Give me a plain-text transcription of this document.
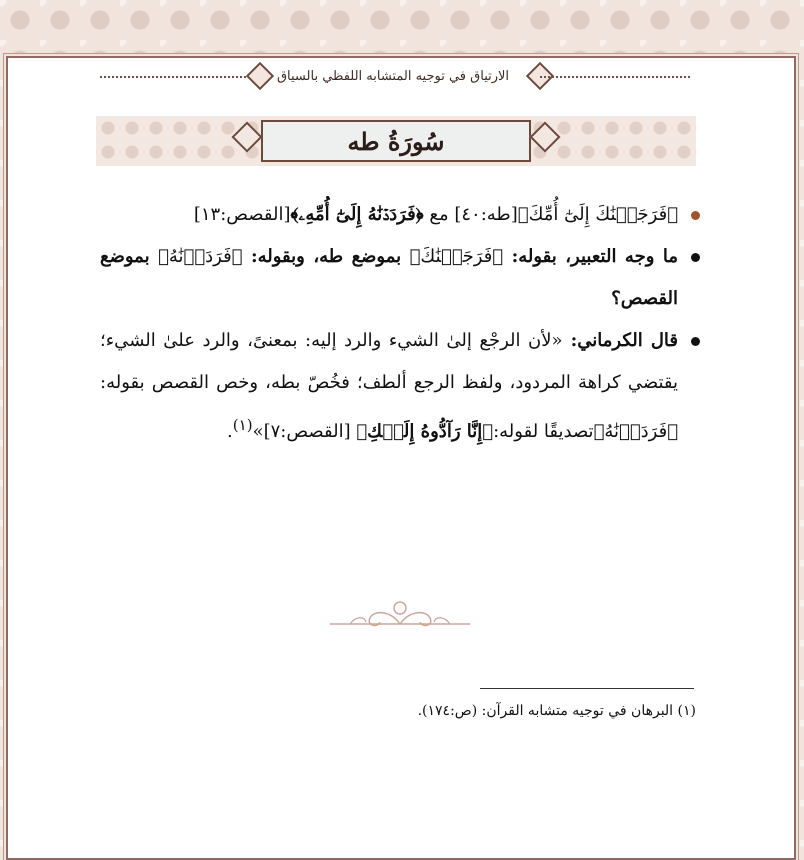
الارتياق في توجيه المتشابه اللفظي بالسياق
سُورَةُ طه

﴿فَرَجَعۡنَٰكَ إِلَىٰٓ أُمِّكَ﴾[طه:٤٠] مع ﴿فَرَدَدۡنَٰهُ إِلَىٰٓ أُمِّهِۦ﴾[القصص:١٣]

ما وجه التعبير، بقوله: ﴿فَرَجَعۡنَٰكَ﴾ بموضع طه، وبقوله: ﴿فَرَدَدۡنَٰهُ﴾ بموضع القصص؟

قال الكرماني: «لأن الرجْع إلىٰ الشيء والرد إليه: بمعنىً، والرد علىٰ الشيء؛ يقتضي كراهة المردود، ولفظ الرجع ألطف؛ فخُصّ بطه، وخص القصص بقوله:﴿فَرَدَدۡنَٰهُ﴾تصديقًا لقوله:﴿إِنَّا رَآدُّوهُ إِلَيۡكِ﴾ [القصص:٧]»$^{(١)}$.

(١) البرهان في توجيه متشابه القرآن: (ص:١٧٤).
